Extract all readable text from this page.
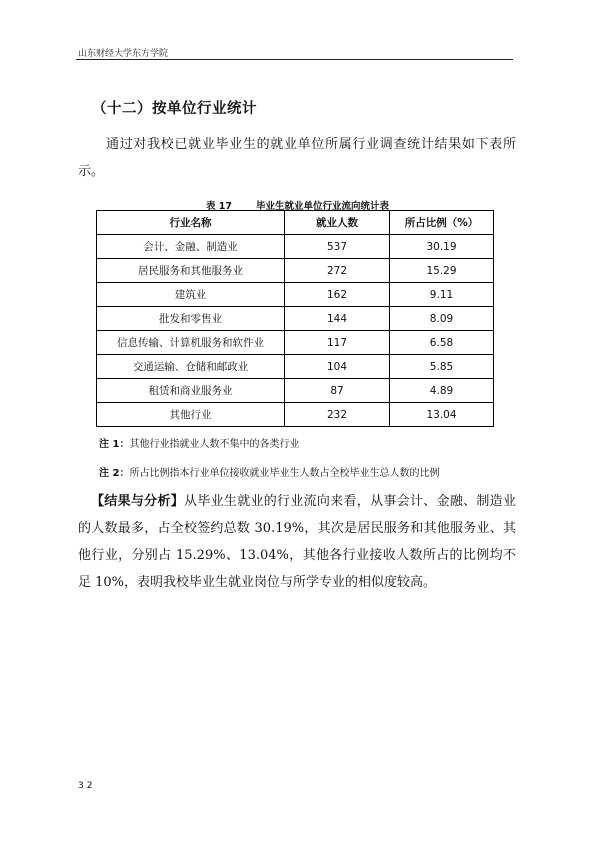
山东财经大学东方学院
（十二）按单位行业统计

通过对我校已就业毕业生的就业单位所属行业调查统计结果如下表所示。

表 17	毕业生就业单位行业流向统计表
行业名称	就业人数	所占比例（%）
会计、金融、制造业	537	30.19
居民服务和其他服务业	272	15.29
建筑业	162	9.11
批发和零售业	144	8.09
信息传输、计算机服务和软件业	117	6.58
交通运输、仓储和邮政业	104	5.85
租赁和商业服务业	87	4.89
其他行业	232	13.04
注 1：其他行业指就业人数不集中的各类行业
注 2：所占比例指本行业单位接收就业毕业生人数占全校毕业生总人数的比例

【结果与分析】从毕业生就业的行业流向来看，从事会计、金融、制造业的人数最多，占全校签约总数 30.19%，其次是居民服务和其他服务业、其他行业，分别占 15.29%、13.04%，其他各行业接收人数所占的比例均不足 10%，表明我校毕业生就业岗位与所学专业的相似度较高。

32
